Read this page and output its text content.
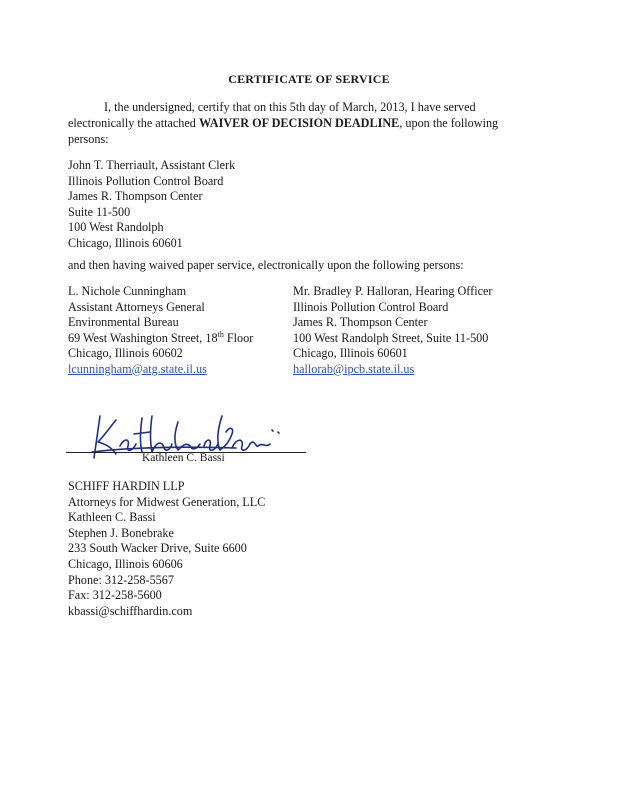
CERTIFICATE OF SERVICE
I, the undersigned, certify that on this 5th day of March, 2013, I have served electronically the attached WAIVER OF DECISION DEADLINE, upon the following persons:
John T. Therriault, Assistant Clerk
Illinois Pollution Control Board
James R. Thompson Center
Suite 11-500
100 West Randolph
Chicago, Illinois 60601
and then having waived paper service, electronically upon the following persons:
L. Nichole Cunningham
Assistant Attorneys General
Environmental Bureau
69 West Washington Street, 18th Floor
Chicago, Illinois 60602
lcunningham@atg.state.il.us
Mr. Bradley P. Halloran, Hearing Officer
Illinois Pollution Control Board
James R. Thompson Center
100 West Randolph Street, Suite 11-500
Chicago, Illinois 60601
hallorab@ipcb.state.il.us
Kathleen C. Bassi
SCHIFF HARDIN LLP
Attorneys for Midwest Generation, LLC
Kathleen C. Bassi
Stephen J. Bonebrake
233 South Wacker Drive, Suite 6600
Chicago, Illinois 60606
Phone: 312-258-5567
Fax: 312-258-5600
kbassi@schiffhardin.com
